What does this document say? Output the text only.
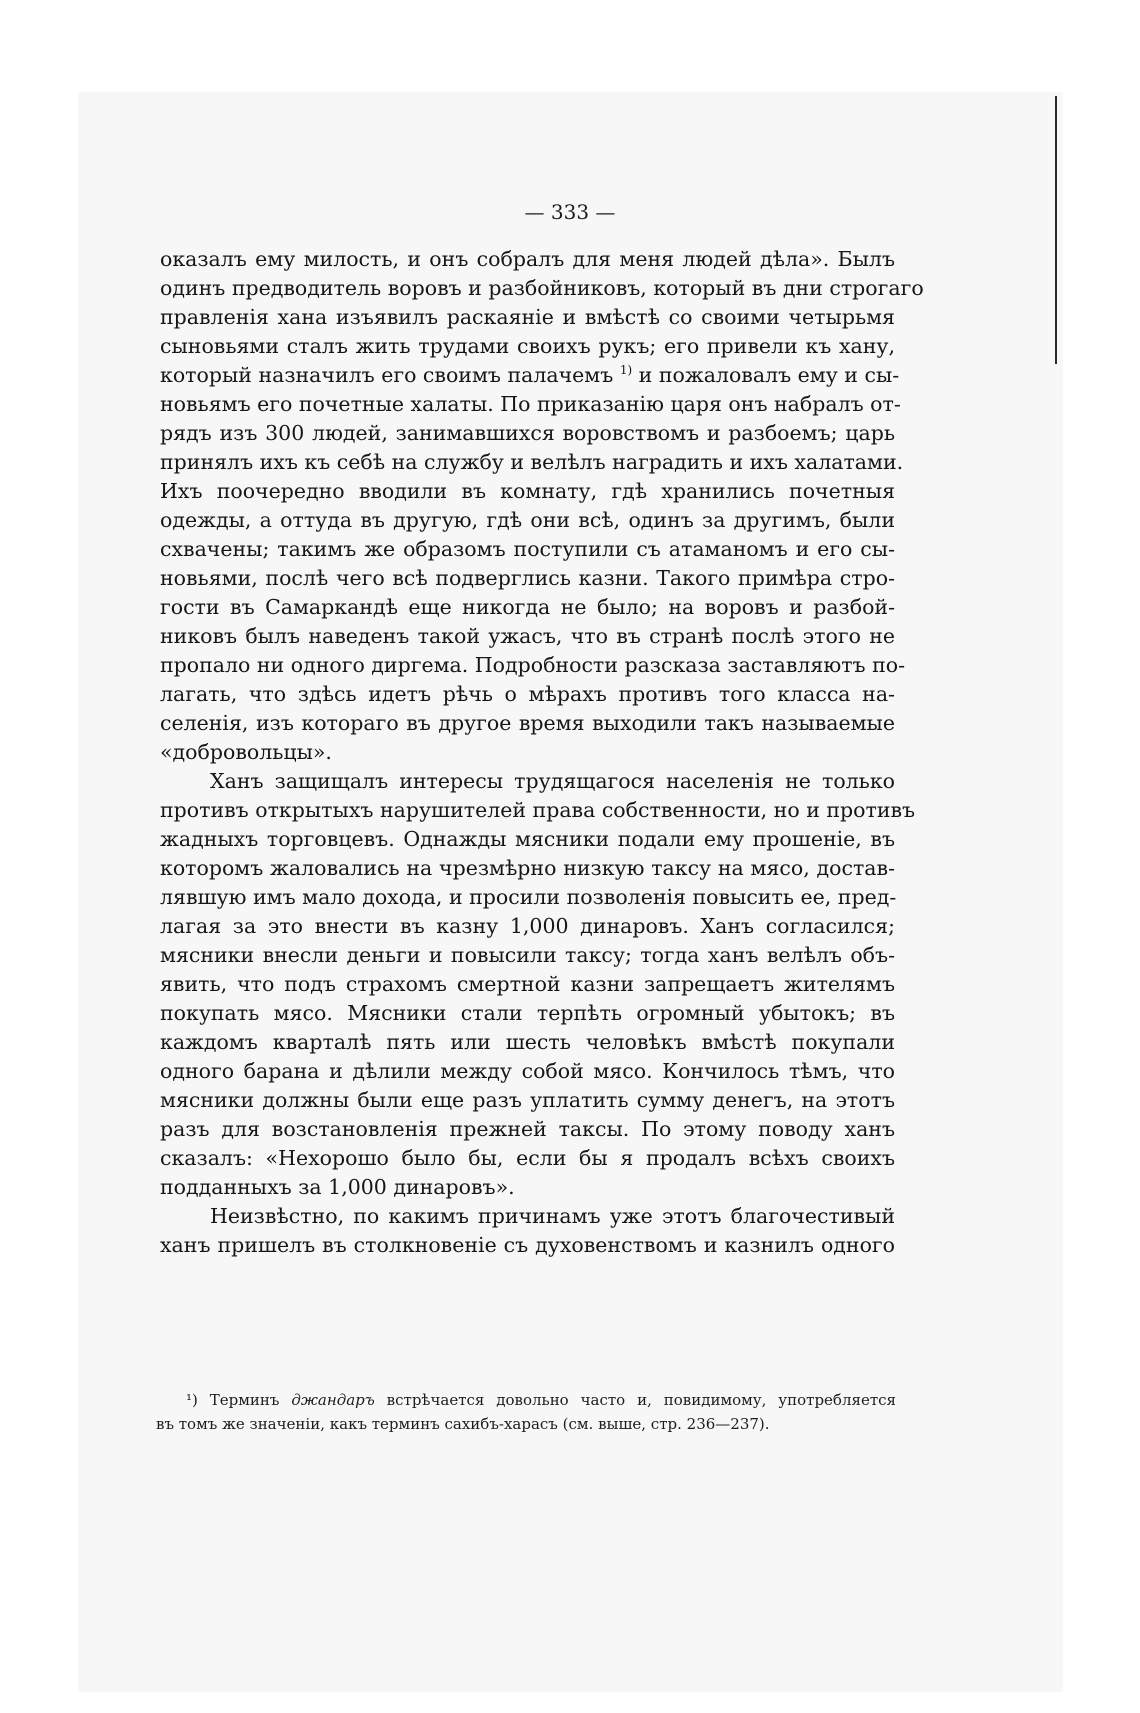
— 333 —
оказалъ ему милость, и онъ собралъ для меня людей дѣла». Былъ
одинъ предводитель воровъ и разбойниковъ, который въ дни строгаго
правленія хана изъявилъ раскаяніе и вмѣстѣ со своими четырьмя
сыновьями сталъ жить трудами своихъ рукъ; его привели къ хану,
который назначилъ его своимъ палачемъ $^{1)}$ и пожаловалъ ему и сы-
новьямъ его почетные халаты. По приказанію царя онъ набралъ от-
рядъ изъ 300 людей, занимавшихся воровствомъ и разбоемъ; царь
принялъ ихъ къ себѣ на службу и велѣлъ наградить и ихъ халатами.
Ихъ поочередно вводили въ комнату, гдѣ хранились почетныя
одежды, а оттуда въ другую, гдѣ они всѣ, одинъ за другимъ, были
схвачены; такимъ же образомъ поступили съ атаманомъ и его сы-
новьями, послѣ чего всѣ подверглись казни. Такого примѣра стро-
гости въ Самаркандѣ еще никогда не было; на воровъ и разбой-
никовъ былъ наведенъ такой ужасъ, что въ странѣ послѣ этого не
пропало ни одного диргема. Подробности разсказа заставляютъ по-
лагать, что здѣсь идетъ рѣчь о мѣрахъ противъ того класса на-
селенія, изъ котораго въ другое время выходили такъ называемые
«добровольцы».
Ханъ защищалъ интересы трудящагося населенія не только
противъ открытыхъ нарушителей права собственности, но и противъ
жадныхъ торговцевъ. Однажды мясники подали ему прошеніе, въ
которомъ жаловались на чрезмѣрно низкую таксу на мясо, достав-
лявшую имъ мало дохода, и просили позволенія повысить ее, пред-
лагая за это внести въ казну 1,000 динаровъ. Ханъ согласился;
мясники внесли деньги и повысили таксу; тогда ханъ велѣлъ объ-
явить, что подъ страхомъ смертной казни запрещаетъ жителямъ
покупать мясо. Мясники стали терпѣть огромный убытокъ; въ
каждомъ кварталѣ пять или шесть человѣкъ вмѣстѣ покупали
одного барана и дѣлили между собой мясо. Кончилось тѣмъ, что
мясники должны были еще разъ уплатить сумму денегъ, на этотъ
разъ для возстановленія прежней таксы. По этому поводу ханъ
сказалъ: «Нехорошо было бы, если бы я продалъ всѣхъ своихъ
подданныхъ за 1,000 динаровъ».
Неизвѣстно, по какимъ причинамъ уже этотъ благочестивый
ханъ пришелъ въ столкновеніе съ духовенствомъ и казнилъ одного
¹) Терминъ джандаръ встрѣчается довольно часто и, повидимому, употребляется
въ томъ же значеніи, какъ терминъ сахибъ-харасъ (см. выше, стр. 236—237).
